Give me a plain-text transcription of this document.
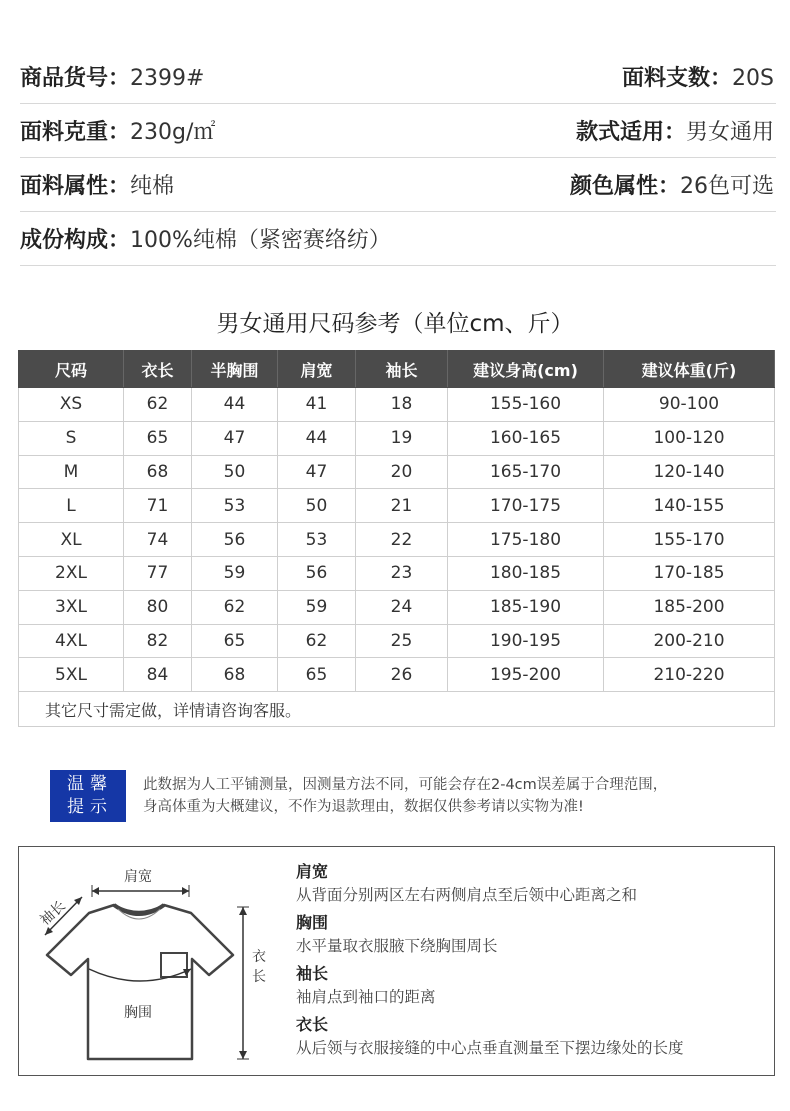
商品货号：2399#	面料支数：20S
面料克重：230g/㎡	款式适用：男女通用
面料属性：纯棉	颜色属性：26色可选
成份构成：100%纯棉（紧密赛络纺）
男女通用尺码参考（单位cm、斤）
尺码	衣长	半胸围	肩宽	袖长	建议身高(cm)	建议体重(斤)
XS	62	44	41	18	155-160	90-100
S	65	47	44	19	160-165	100-120
M	68	50	47	20	165-170	120-140
L	71	53	50	21	170-175	140-155
XL	74	56	53	22	175-180	155-170
2XL	77	59	56	23	180-185	170-185
3XL	80	62	59	24	185-190	185-200
4XL	82	65	62	25	190-195	200-210
5XL	84	68	65	26	195-200	210-220
其它尺寸需定做，详情请咨询客服。						
温馨
提示
此数据为人工平铺测量，因测量方法不同，可能会存在2-4cm误差属于合理范围，
身高体重为大概建议，不作为退款理由，数据仅供参考请以实物为准!
肩宽
袖长
胸围
衣
长
肩宽
从背面分别两区左右两侧肩点至后领中心距离之和
胸围
水平量取衣服腋下绕胸围周长
袖长
袖肩点到袖口的距离
衣长
从后领与衣服接缝的中心点垂直测量至下摆边缘处的长度
